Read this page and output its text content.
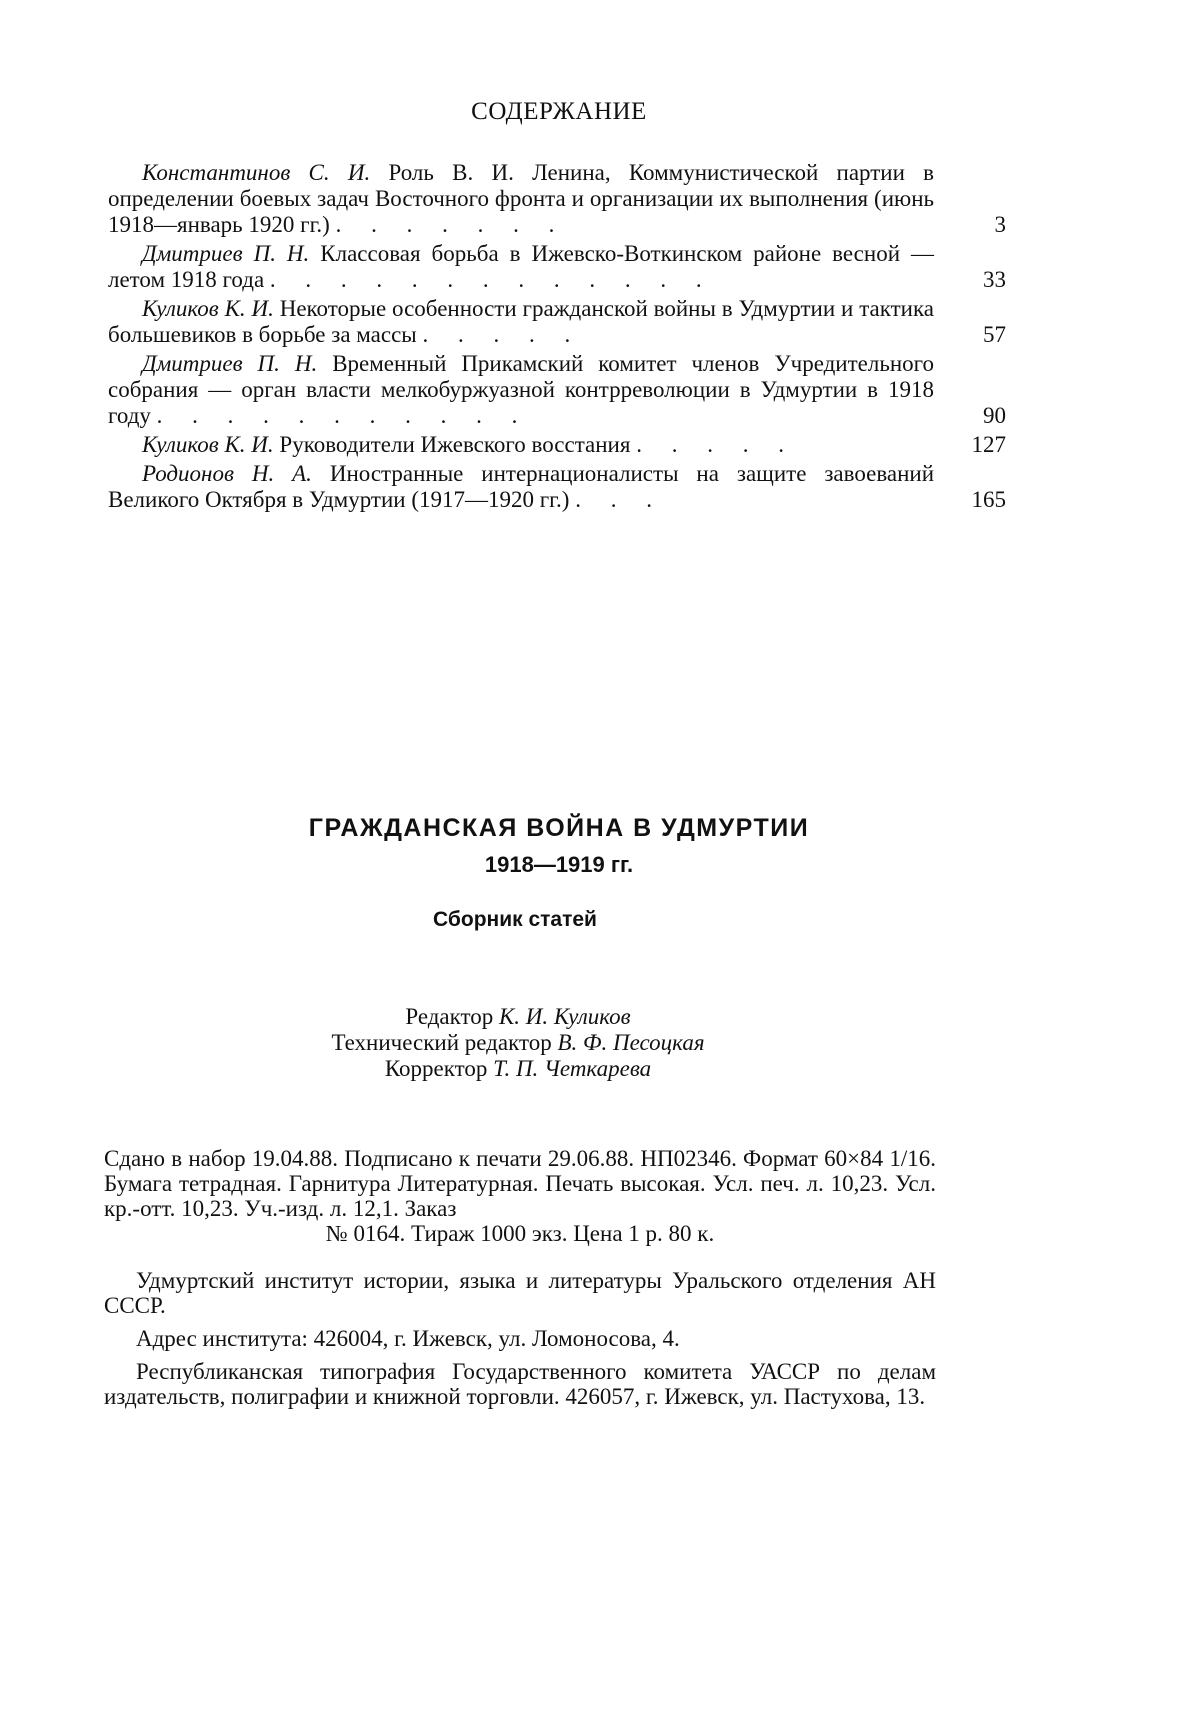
СОДЕРЖАНИЕ
Константинов С. И. Роль В. И. Ленина, Коммунистической партии в определении боевых задач Восточного фронта и организации их выполнения (июнь 1918—январь 1920 гг.) . . . . . . .	3
Дмитриев П. Н. Классовая борьба в Ижевско-Воткинском районе весной — летом 1918 года . . . . . . . . . . . . .	33
Куликов К. И. Некоторые особенности гражданской войны в Удмуртии и тактика большевиков в борьбе за массы . . . . .	57
Дмитриев П. Н. Временный Прикамский комитет членов Учредительного собрания — орган власти мелкобуржуазной контрреволюции в Удмуртии в 1918 году . . . . . . . . . . .	90
Куликов К. И. Руководители Ижевского восстания . . . . .	127
Родионов Н. А. Иностранные интернационалисты на защите завоеваний Великого Октября в Удмуртии (1917—1920 гг.) . . .	165
ГРАЖДАНСКАЯ ВОЙНА В УДМУРТИИ
1918—1919 гг.
Сборник статей
Редактор К. И. Куликов
Технический редактор В. Ф. Песоцкая
Корректор Т. П. Четкарева
Сдано в набор 19.04.88. Подписано к печати 29.06.88. НП02346. Формат 60×84 1/16. Бумага тетрадная. Гарнитура Литературная. Печать высокая. Усл. печ. л. 10,23. Усл. кр.-отт. 10,23. Уч.-изд. л. 12,1. Заказ
№ 0164. Тираж 1000 экз. Цена 1 р. 80 к.

Удмуртский институт истории, языка и литературы Уральского отделения АН СССР.

Адрес института: 426004, г. Ижевск, ул. Ломоносова, 4.

Республиканская типография Государственного комитета УАССР по делам издательств, полиграфии и книжной торговли. 426057, г. Ижевск, ул. Пастухова, 13.
